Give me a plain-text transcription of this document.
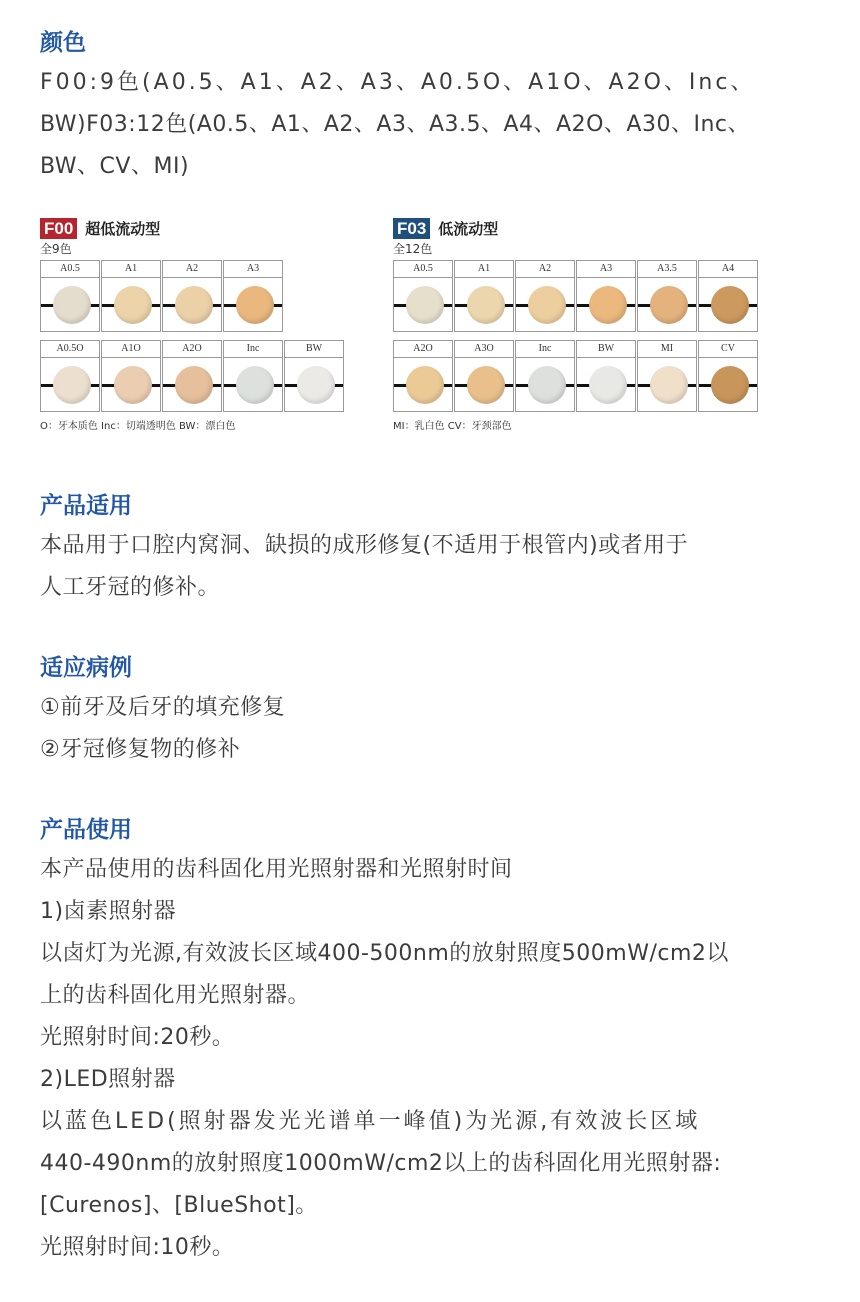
颜色

F00:9色(A0.5、A1、A2、A3、A0.5O、A1O、A2O、Inc、

BW)F03:12色(A0.5、A1、A2、A3、A3.5、A4、A2O、A30、Inc、

BW、CV、MI)

F00 超低流动型
全9色
A0.5	A1	A2	A3
A0.5O	A1O	A2O	Inc	BW
O：牙本质色 Inc：切端透明色 BW：漂白色
F03 低流动型
全12色
A0.5	A1	A2	A3	A3.5	A4
A2O	A3O	Inc	BW	MI	CV
MI：乳白色 CV：牙颈部色
产品适用

本品用于口腔内窝洞、缺损的成形修复(不适用于根管内)或者用于

人工牙冠的修补。

适应病例

①前牙及后牙的填充修复

②牙冠修复物的修补

产品使用

本产品使用的齿科固化用光照射器和光照射时间

1)卤素照射器

以卤灯为光源,有效波长区域400-500nm的放射照度500mW/cm2以

上的齿科固化用光照射器。

光照射时间:20秒。

2)LED照射器

以蓝色LED(照射器发光光谱单一峰值)为光源,有效波长区域

440-490nm的放射照度1000mW/cm2以上的齿科固化用光照射器:

[Curenos]、[BlueShot]。

光照射时间:10秒。
